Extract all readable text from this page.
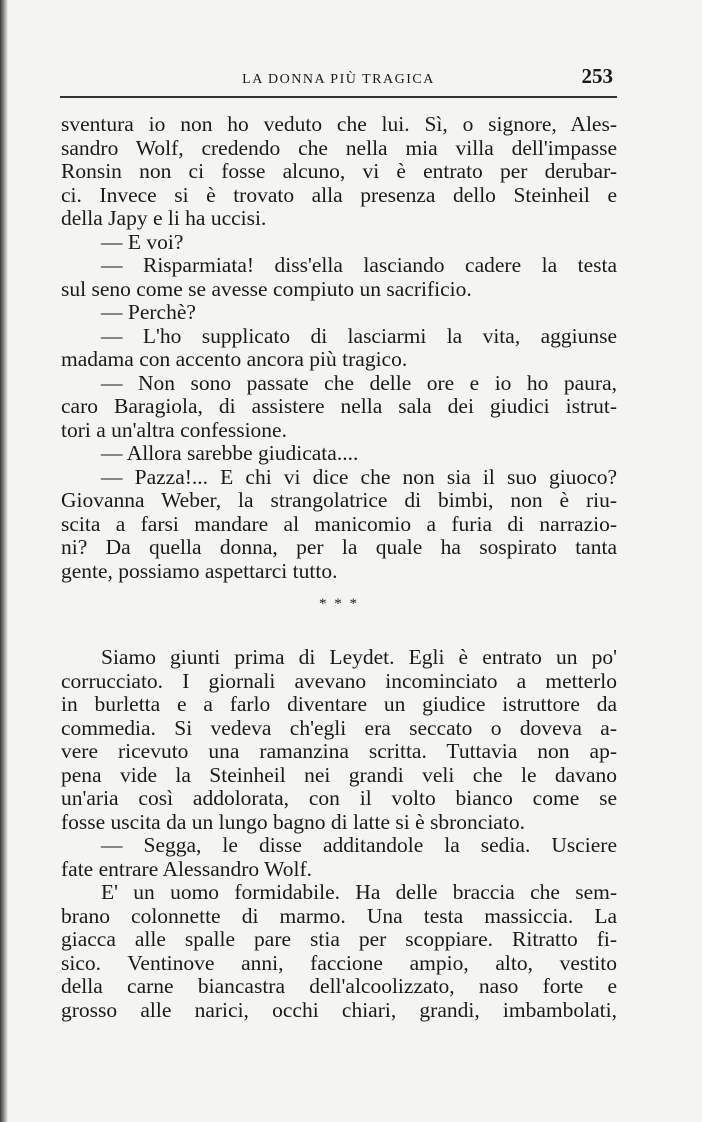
LA DONNA PIÙ TRAGICA	253
sventura io non ho veduto che lui. Sì, o signore, Ales-
sandro Wolf, credendo che nella mia villa dell'impasse
Ronsin non ci fosse alcuno, vi è entrato per derubar-
ci. Invece si è trovato alla presenza dello Steinheil e
della Japy e li ha uccisi.
— E voi?
— Risparmiata! diss'ella lasciando cadere la testa
sul seno come se avesse compiuto un sacrificio.
— Perchè?
— L'ho supplicato di lasciarmi la vita, aggiunse
madama con accento ancora più tragico.
— Non sono passate che delle ore e io ho paura,
caro Baragiola, di assistere nella sala dei giudici istrut-
tori a un'altra confessione.
— Allora sarebbe giudicata....
— Pazza!... E chi vi dice che non sia il suo giuoco?
Giovanna Weber, la strangolatrice di bimbi, non è riu-
scita a farsi mandare al manicomio a furia di narrazio-
ni? Da quella donna, per la quale ha sospirato tanta
gente, possiamo aspettarci tutto.
* * *
Siamo giunti prima di Leydet. Egli è entrato un po'
corrucciato. I giornali avevano incominciato a metterlo
in burletta e a farlo diventare un giudice istruttore da
commedia. Si vedeva ch'egli era seccato o doveva a-
vere ricevuto una ramanzina scritta. Tuttavia non ap-
pena vide la Steinheil nei grandi veli che le davano
un'aria così addolorata, con il volto bianco come se
fosse uscita da un lungo bagno di latte si è sbronciato.
— Segga, le disse additandole la sedia. Usciere
fate entrare Alessandro Wolf.
E' un uomo formidabile. Ha delle braccia che sem-
brano colonnette di marmo. Una testa massiccia. La
giacca alle spalle pare stia per scoppiare. Ritratto fi-
sico. Ventinove anni, faccione ampio, alto, vestito
della carne biancastra dell'alcoolizzato, naso forte e
grosso alle narici, occhi chiari, grandi, imbambolati,
